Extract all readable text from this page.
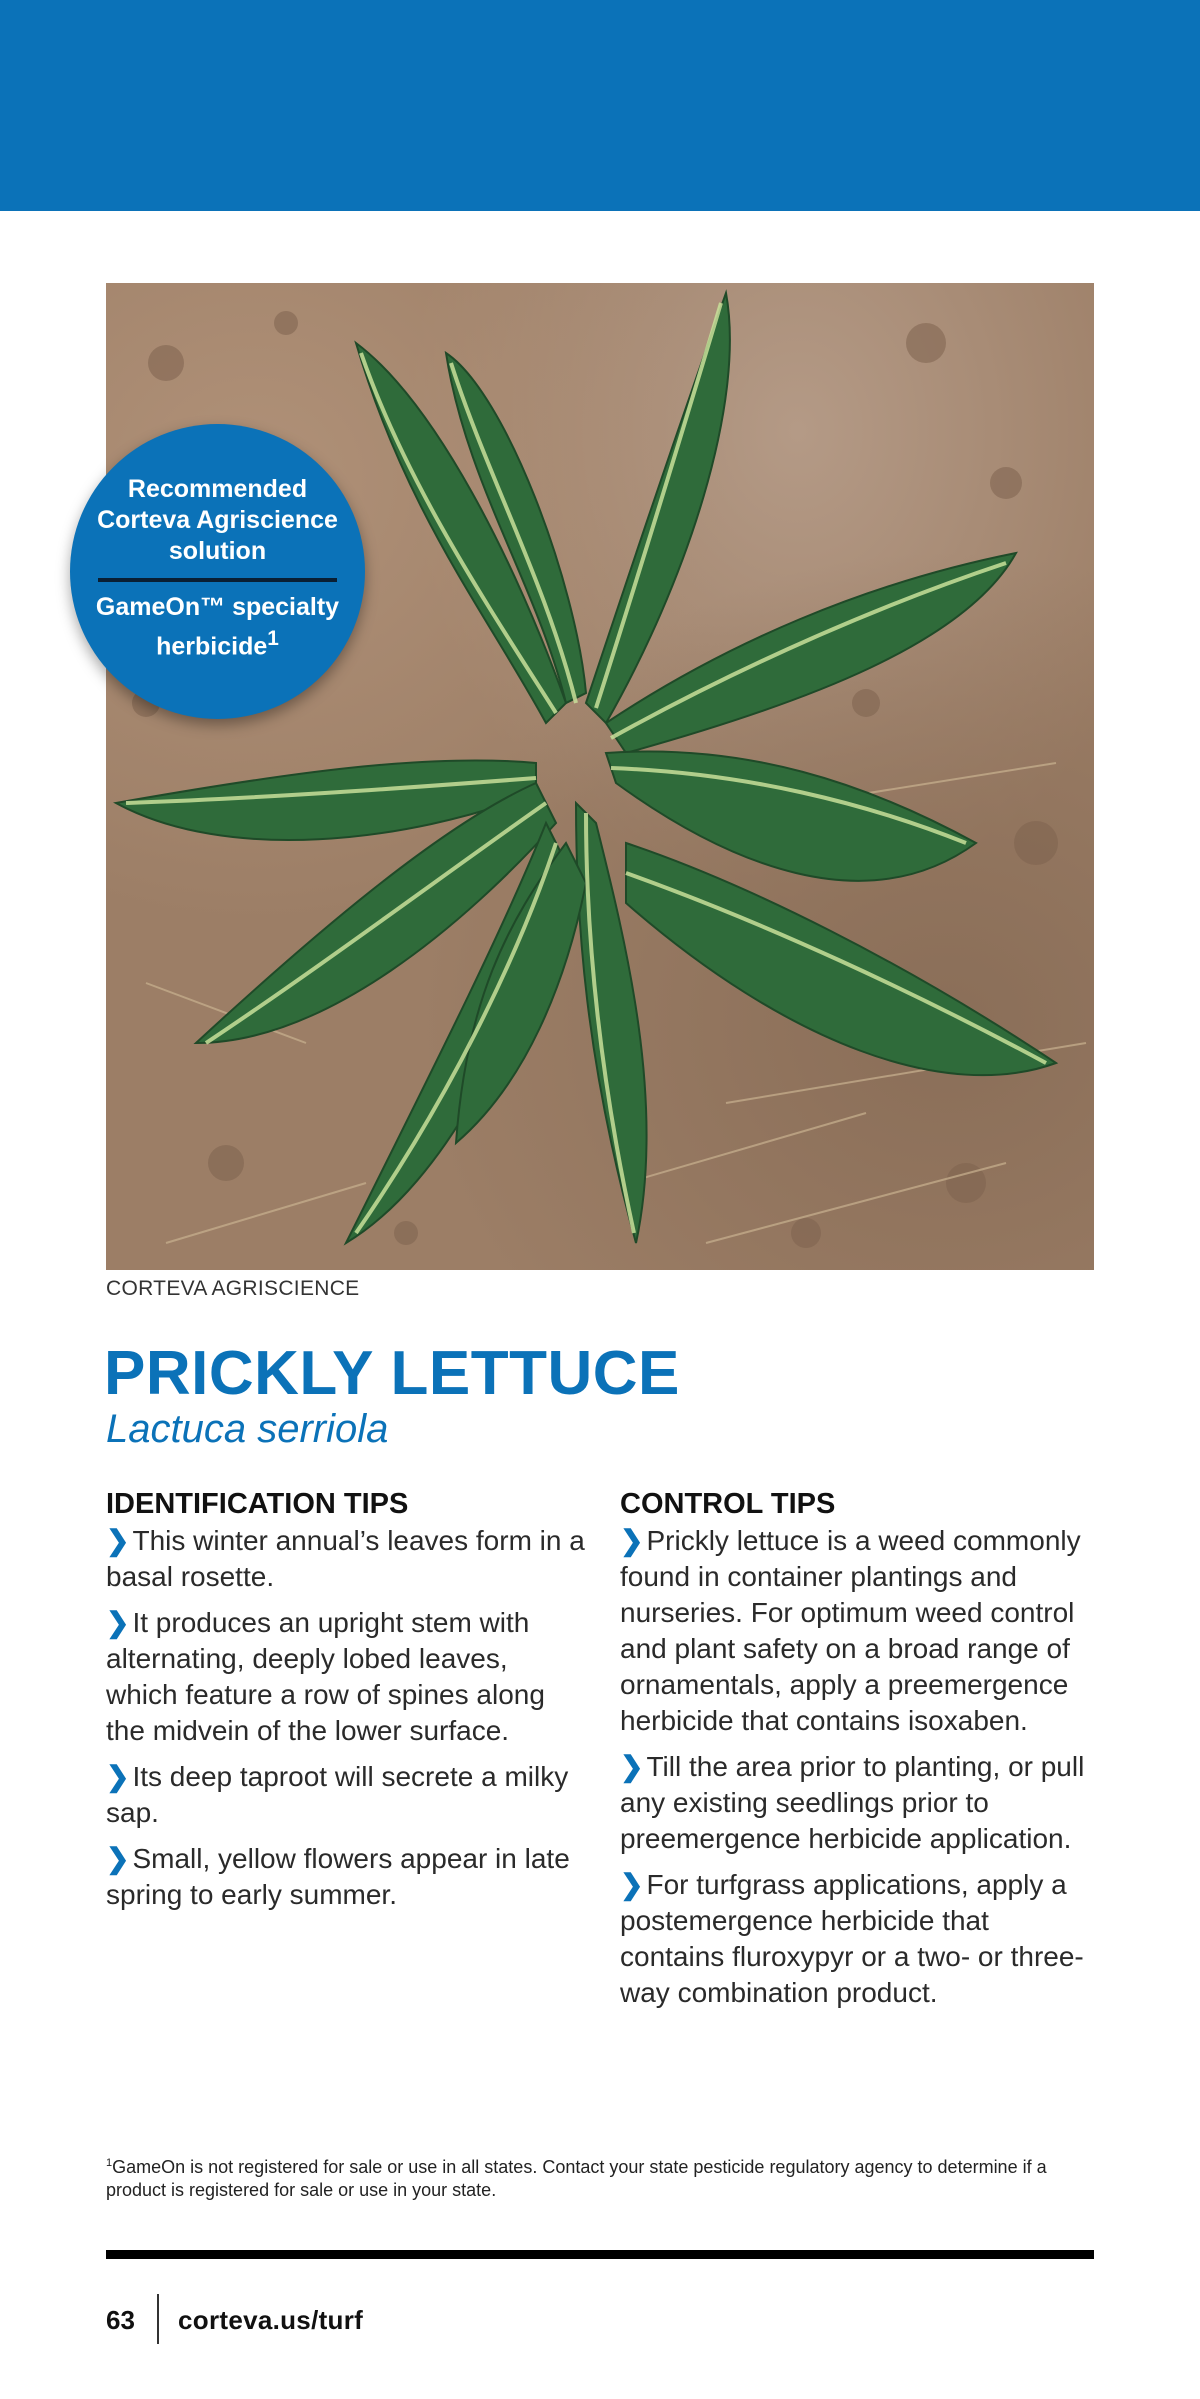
Recommended Corteva Agriscience solution
GameOn™ specialty herbicide$^1$
CORTEVA AGRISCIENCE
PRICKLY LETTUCE
Lactuca serriola
IDENTIFICATION TIPS

❯ This winter annual’s leaves form in a basal rosette.

❯ It produces an upright stem with alternating, deeply lobed leaves, which feature a row of spines along the midvein of the lower surface.

❯ Its deep taproot will secrete a milky sap.

❯ Small, yellow flowers appear in late spring to early summer.

CONTROL TIPS

❯ Prickly lettuce is a weed commonly found in container plantings and nurseries. For optimum weed control and plant safety on a broad range of ornamentals, apply a preemergence herbicide that contains isoxaben.

❯ Till the area prior to planting, or pull any existing seedlings prior to preemergence herbicide application.

❯ For turfgrass applications, apply a postemergence herbicide that contains fluroxypyr or a two- or three-way combination product.

$^1$GameOn is not registered for sale or use in all states. Contact your state pesticide regulatory agency to determine if a product is registered for sale or use in your state.
63 corteva.us/turf
